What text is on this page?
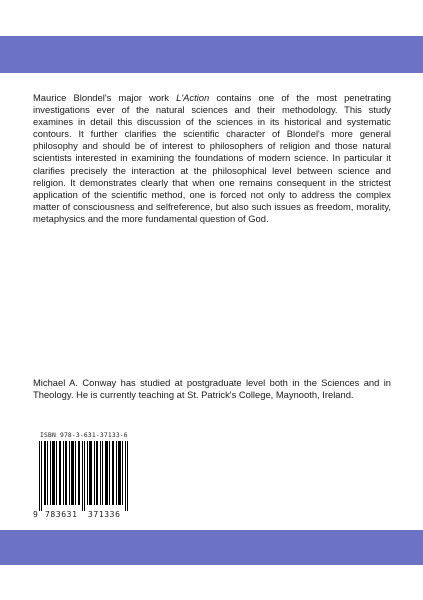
Maurice Blondel's major work L'Action contains one of the most penetrating investigations ever of the natural sciences and their methodology. This study examines in detail this discussion of the sciences in its historical and systematic contours. It further clarifies the scientific character of Blondel's more general philosophy and should be of interest to philosophers of religion and those natural scientists interested in examining the foundations of modern science. In particular it clarifies precisely the interaction at the philosophical level between science and religion. It demonstrates clearly that when one remains consequent in the strictest application of the scientific method, one is forced not only to address the complex matter of consciousness and selfreference, but also such issues as freedom, morality, metaphysics and the more fundamental question of God.

Michael A. Conway has studied at postgraduate level both in the Sciences and in Theology. He is currently teaching at St. Patrick's College, Maynooth, Ireland.

ISBN 978-3-631-37133-6
9 783631 371336
